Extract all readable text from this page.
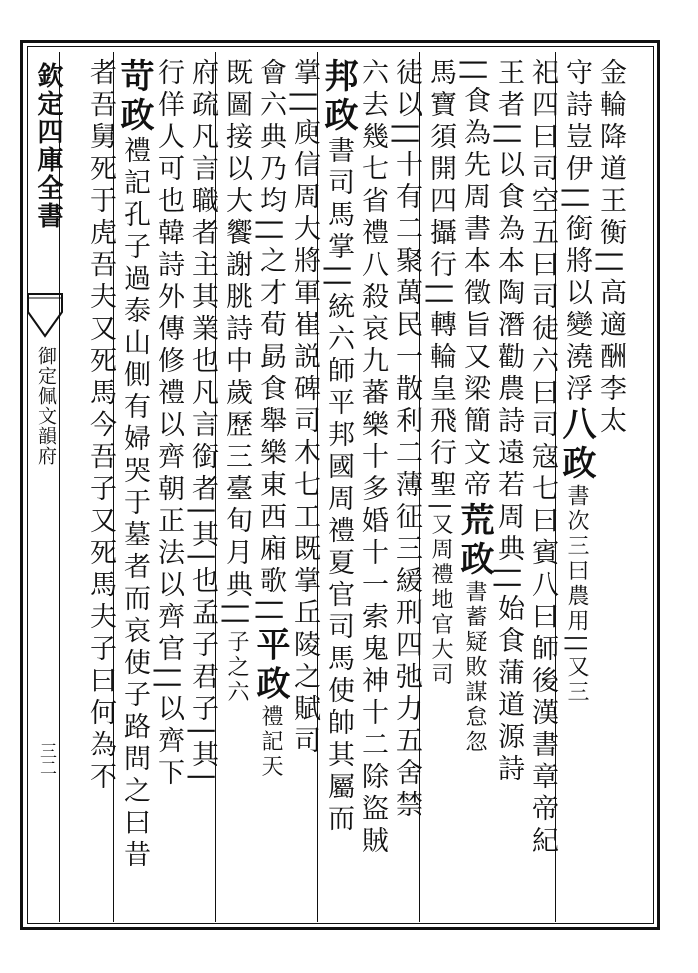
欽定四庫全書
御定佩文韻府
三二
金輪降道王衡||高適酬李太
守詩豈伊||銜將以變澆浮八政書次三曰農用||又三
祀四曰司空五曰司徒六曰司寇七曰賓八曰師後漢書章帝紀
王者||以食為本陶潛勸農詩遠若周典||始食蒲道源詩
||食為先周書本徵旨又梁簡文帝荒政書蓄疑敗謀怠忽
馬寶須開四攝行||轉輪皇飛行聖|又周禮地官大司
徒以||十有二聚萬民一散利二薄征三緩刑四弛力五舍禁
六去幾七省禮八殺哀九蕃樂十多婚十一索鬼神十二除盜賊
邦政書司馬掌||統六師平邦國周禮夏官司馬使帥其屬而
掌||庾信周大將軍崔説碑司木七工既掌丘陵之賦司
會六典乃均||之才荀勗食舉樂東西廂歌||平政禮記天
既圖接以大饗謝朓詩中歲歷三臺旬月典||子之六
府疏凡言職者主其業也凡言銜者|其|也孟子君子|其|
行佯人可也韓詩外傳修禮以齊朝正法以齊官||以齊下
苛政禮記孔子過泰山側有婦哭于墓者而哀使子路問之曰昔
者吾舅死于虎吾夫又死馬今吾子又死馬夫子曰何為不
